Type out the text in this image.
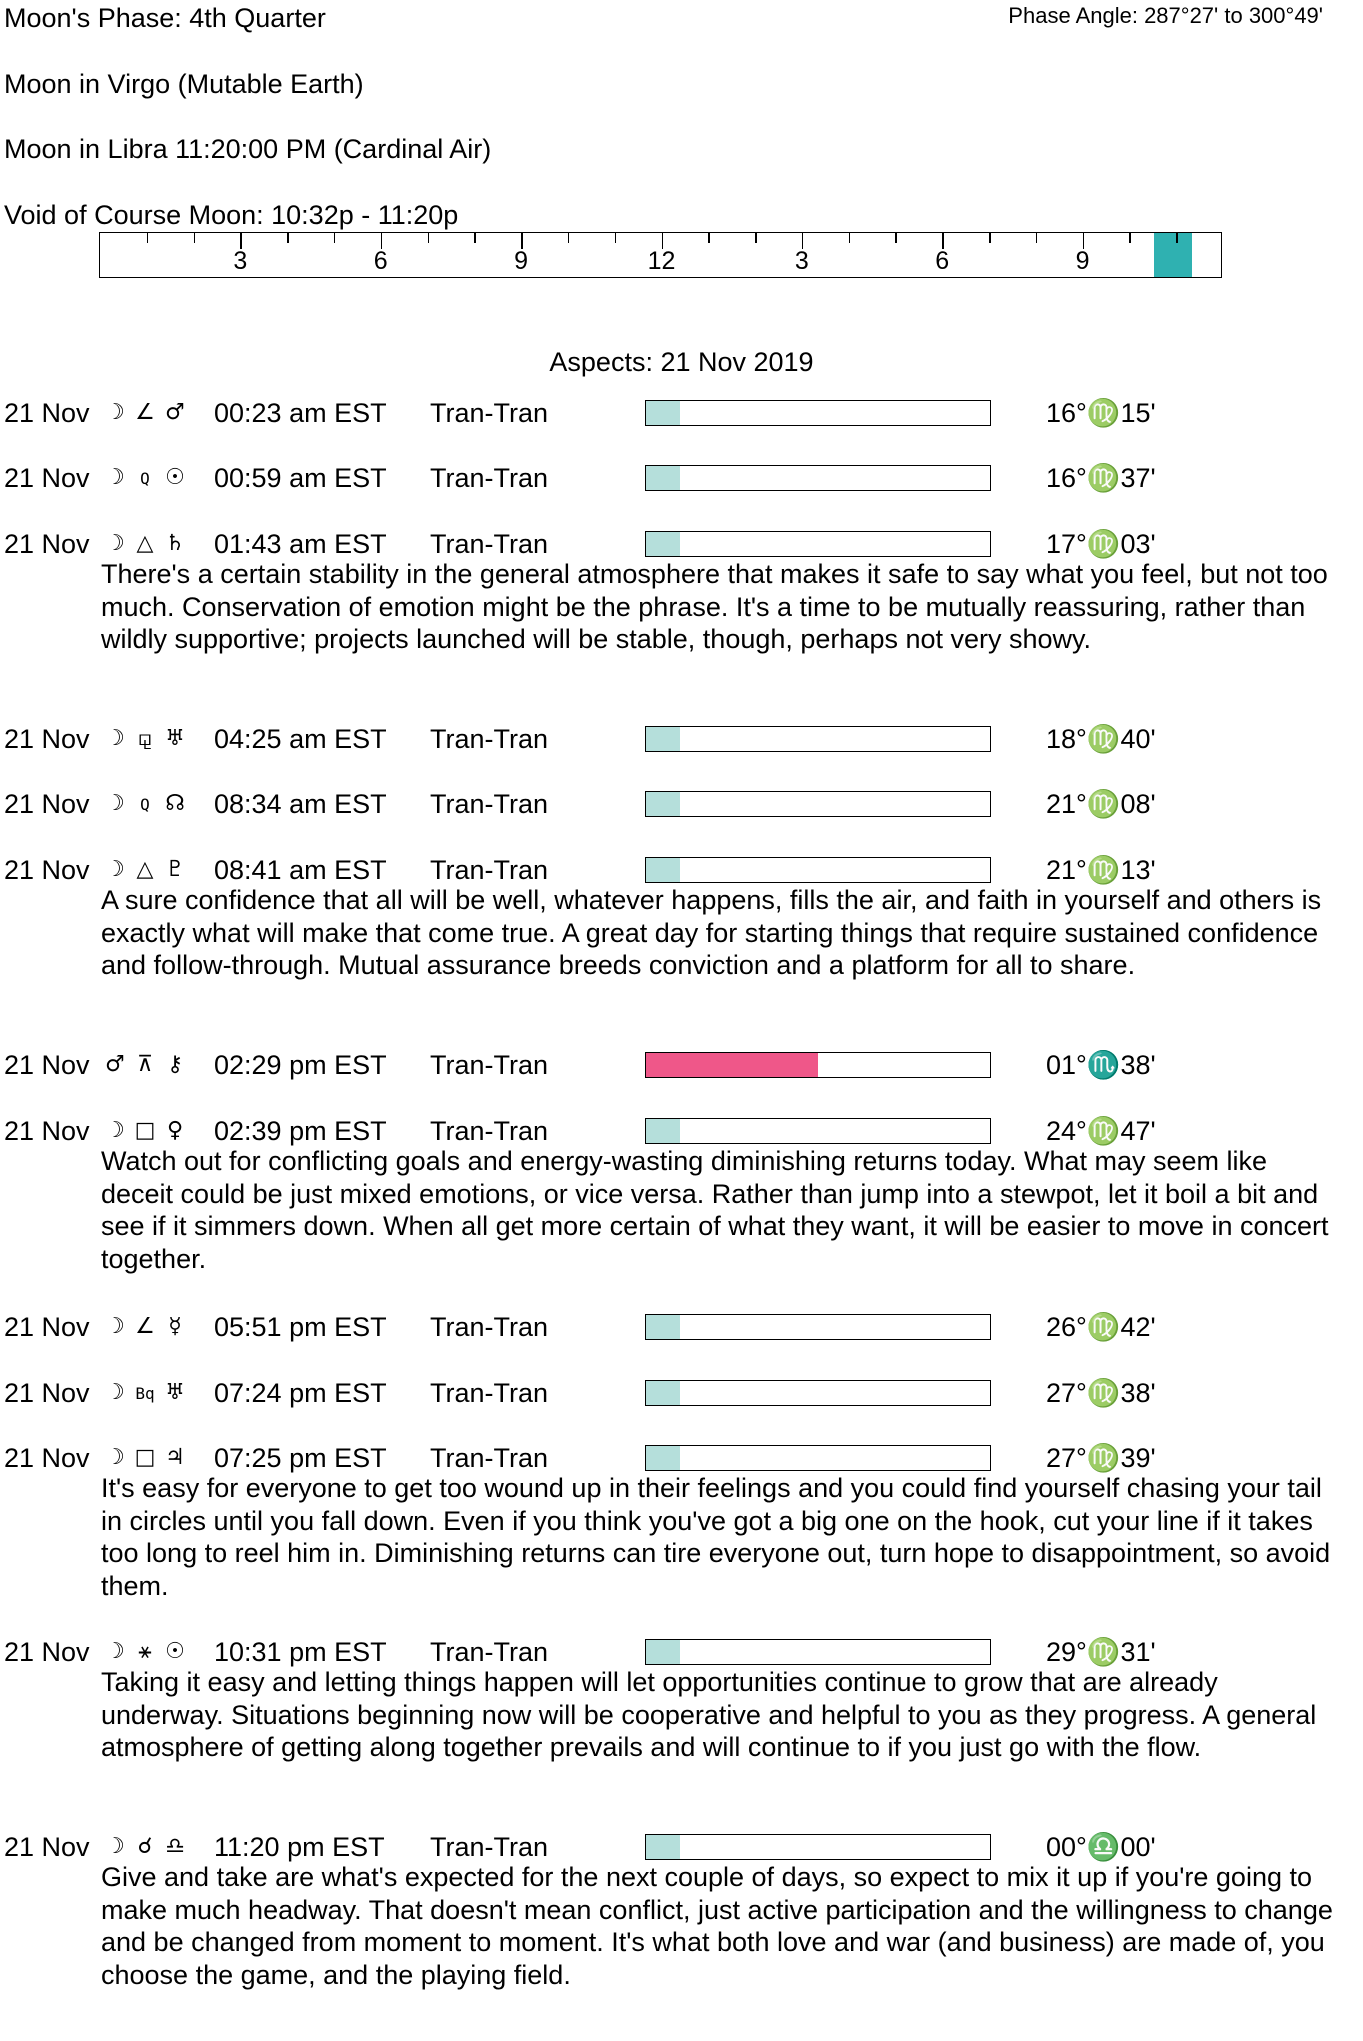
Moon's Phase: 4th Quarter	Phase Angle: 287°27' to 300°49'
Moon in Virgo (Mutable Earth)
Moon in Libra 11:20:00 PM (Cardinal Air)
Void of Course Moon: 10:32p - 11:20p
3	6	9	12	3	6	9
Aspects: 21 Nov 2019
21 Nov ☽ ∠ ♂ 00:23 am EST Tran-Tran	16°♍15'
21 Nov ☽ Q ☉ 00:59 am EST Tran-Tran	16°♍37'
21 Nov ☽ △ ♄ 01:43 am EST Tran-Tran	17°♍03'
There's a certain stability in the general atmosphere that makes it safe to say what you feel, but not too much. Conservation of emotion might be the phrase. It's a time to be mutually reassuring, rather than wildly supportive; projects launched will be stable, though, perhaps not very showy.
21 Nov ☽ ⚼ ♅ 04:25 am EST Tran-Tran	18°♍40'
21 Nov ☽ Q ☊ 08:34 am EST Tran-Tran	21°♍08'
21 Nov ☽ △ ♇ 08:41 am EST Tran-Tran	21°♍13'
A sure confidence that all will be well, whatever happens, fills the air, and faith in yourself and others is exactly what will make that come true. A great day for starting things that require sustained confidence and follow-through. Mutual assurance breeds conviction and a platform for all to share.
21 Nov ♂ ⊼ ⚷ 02:29 pm EST Tran-Tran	01°♏38'
21 Nov ☽ □ ♀ 02:39 pm EST Tran-Tran	24°♍47'
Watch out for conflicting goals and energy-wasting diminishing returns today. What may seem like deceit could be just mixed emotions, or vice versa. Rather than jump into a stewpot, let it boil a bit and see if it simmers down. When all get more certain of what they want, it will be easier to move in concert together.
21 Nov ☽ ∠ ☿	05:51 pm EST Tran-Tran	26°♍42'
21 Nov ☽ Bq ♅ 07:24 pm EST Tran-Tran	27°♍38'
21 Nov ☽ □ ♃ 07:25 pm EST Tran-Tran	27°♍39'
It's easy for everyone to get too wound up in their feelings and you could find yourself chasing your tail in circles until you fall down. Even if you think you've got a big one on the hook, cut your line if it takes too long to reel him in. Diminishing returns can tire everyone out, turn hope to disappointment, so avoid them.
21 Nov ☽ ⚹ ☉ 10:31 pm EST Tran-Tran	29°♍31'
Taking it easy and letting things happen will let opportunities continue to grow that are already underway. Situations beginning now will be cooperative and helpful to you as they progress. A general atmosphere of getting along together prevails and will continue to if you just go with the flow.
21 Nov ☽ ☌ ♎ 11:20 pm EST Tran-Tran	00°♎00'
Give and take are what's expected for the next couple of days, so expect to mix it up if you're going to make much headway. That doesn't mean conflict, just active participation and the willingness to change and be changed from moment to moment. It's what both love and war (and business) are made of, you choose the game, and the playing field.
